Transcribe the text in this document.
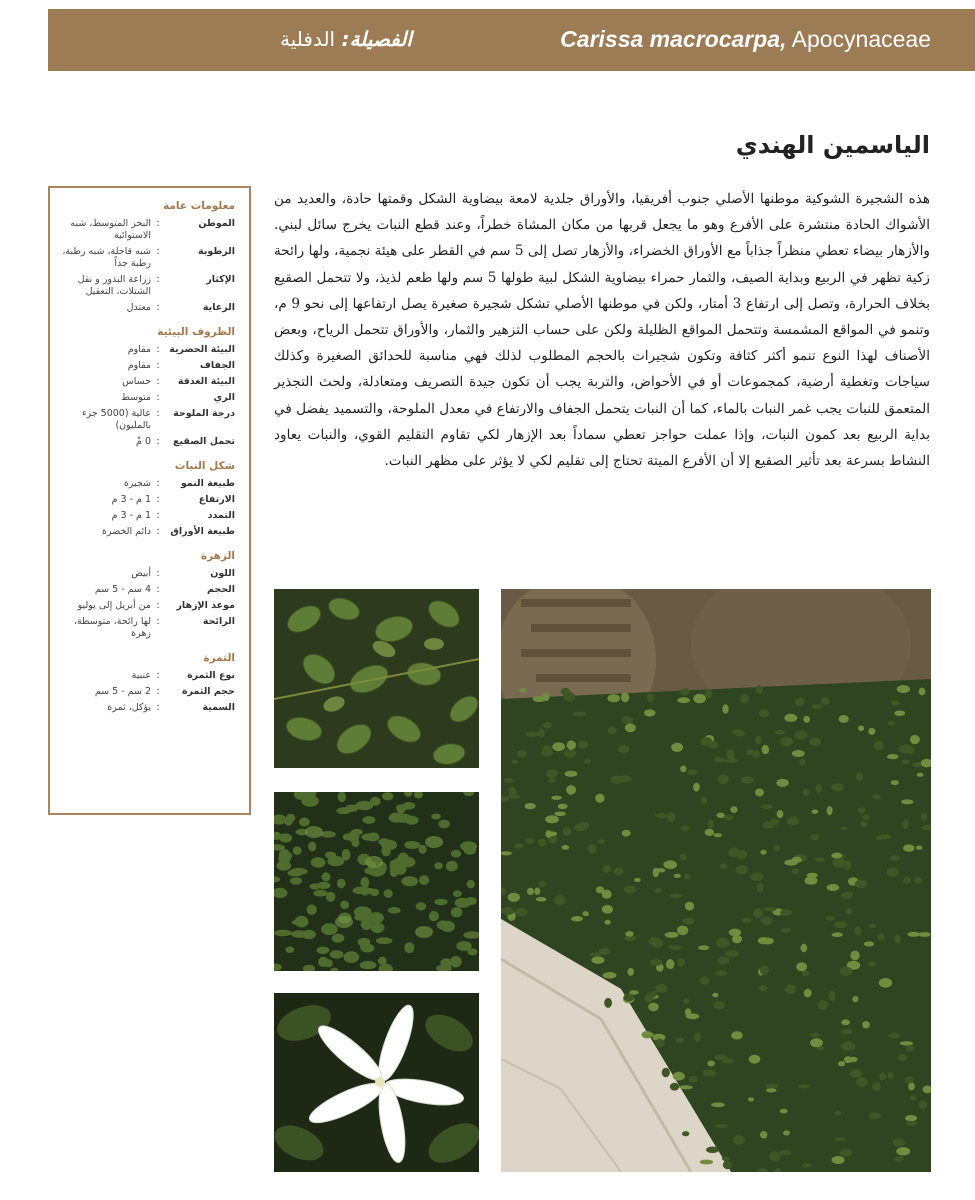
Carissa macrocarpa, Apocynaceae
الفصيلة: الدفلية
الياسمين الهندي

هذه الشجيرة الشوكية موطنها الأصلي جنوب أفريقيا، والأوراق جلدية لامعة بيضاوية الشكل وقمتها حادة، والعديد من الأشواك الحادة منتشرة على الأفرع وهو ما يجعل قربها من مكان المشاة خطراً، وعند قطع النبات يخرج سائل لبني. والأزهار بيضاء تعطي منظراً جذاباً مع الأوراق الخضراء، والأزهار تصل إلى 5 سم في القطر على هيئة نجمية، ولها رائحة زكية تظهر في الربيع وبداية الصيف، والثمار حمراء بيضاوية الشكل لبية طولها 5 سم ولها طعم لذيذ، ولا تتحمل الصقيع بخلاف الحرارة، وتصل إلى ارتفاع 3 أمتار، ولكن في موطنها الأصلي تشكل شجيرة صغيرة يصل ارتفاعها إلى نحو 9 م، وتنمو في المواقع المشمسة وتتحمل المواقع الظليلة ولكن على حساب التزهير والثمار، والأوراق تتحمل الرياح، وبعض الأصناف لهذا النوع تنمو أكثر كثافة وتكون شجيرات بالحجم المطلوب لذلك فهي مناسبة للحدائق الصغيرة وكذلك سياجات وتغطية أرضية، كمجموعات أو في الأحواض، والتربة يجب أن تكون جيدة التصريف ومتعادلة، ولحث التجذير المتعمق للنبات يجب غمر النبات بالماء، كما أن النبات يتحمل الجفاف والارتفاع في معدل الملوحة، والتسميد يفضل في بداية الربيع بعد كمون النبات، وإذا عملت حواجز تعطي سماداً بعد الإزهار لكي تقاوم التقليم القوي، والنبات يعاود النشاط بسرعة بعد تأثير الصقيع إلا أن الأفرع الميتة تحتاج إلى تقليم لكي لا يؤثر على مظهر النبات.

معلومات عامة
الموطن
:
البحر المتوسط، شبه الاستوائية
الرطوبة
:
شبه قاحلة، شبه رطبة، رطبة جداً
الإكثار
:
زراعة البذور و نقل الشتلات، التعقيل
الرعاية
:
معتدل
الظروف البيئية
البيئة الحضرية
:
مقاوم
الجفاف
:
مقاوم
البيئة الغدقة
:
حساس
الري
:
متوسط
درجة الملوحة
:
عالية (5000 جزء بالمليون)
تحمل الصقيع
:
0 مْ
شكل النبات
طبيعة النمو
:
شجيرة
الارتفاع
:
1 م - 3 م
التمدد
:
1 م - 3 م
طبيعة الأوراق
:
دائم الخضرة
الزهرة
اللون
:
أبيض
الحجم
:
4 سم - 5 سم
موعد الإزهار
:
من أبريل إلى يوليو
الرائحة
:
لها رائحة، متوسطة، زهرة
الثمرة
نوع الثمرة
:
عنبية
حجم الثمرة
:
2 سم - 5 سم
السمية
:
يؤكل، ثمرة
